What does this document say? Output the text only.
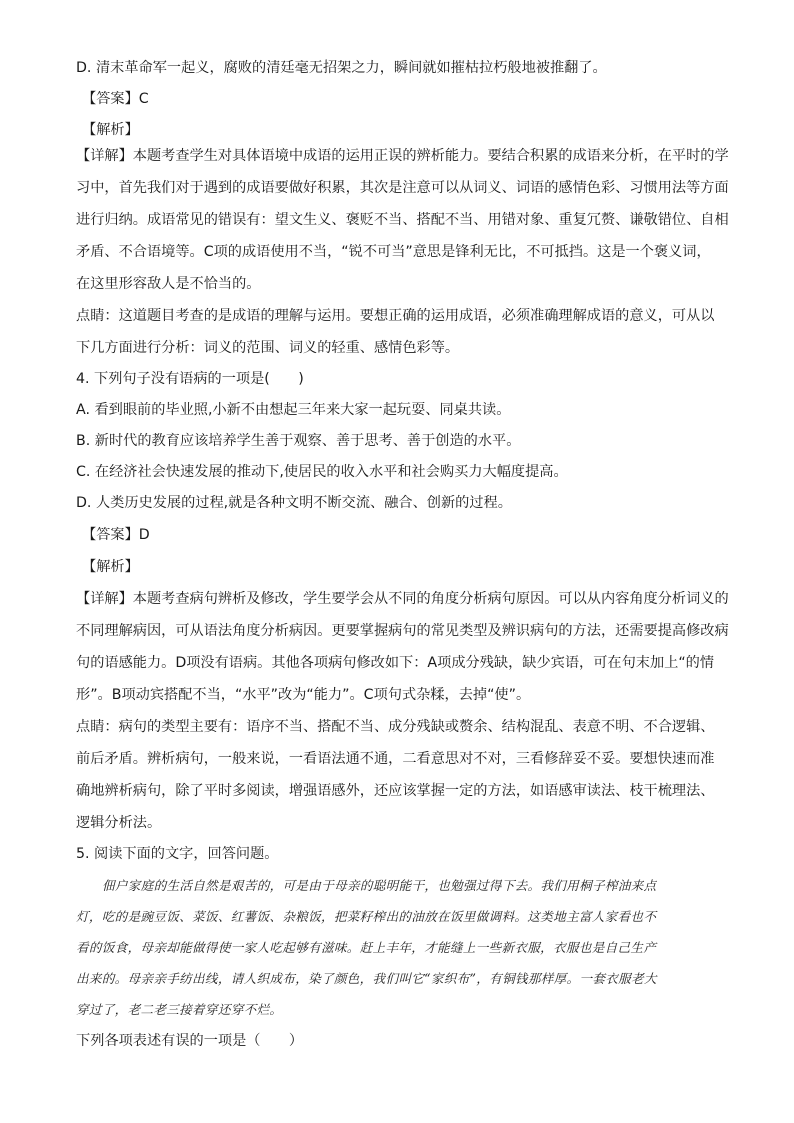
D. 清末革命军一起义，腐败的清廷毫无招架之力，瞬间就如摧枯拉朽般地被推翻了。

【答案】C

【解析】

【详解】本题考查学生对具体语境中成语的运用正误的辨析能力。要结合积累的成语来分析，在平时的学

习中，首先我们对于遇到的成语要做好积累，其次是注意可以从词义、词语的感情色彩、习惯用法等方面

进行归纳。成语常见的错误有：望文生义、褒贬不当、搭配不当、用错对象、重复冗赘、谦敬错位、自相

矛盾、不合语境等。C项的成语使用不当，“锐不可当”意思是锋利无比，不可抵挡。这是一个褒义词，

在这里形容敌人是不恰当的。

点睛：这道题目考查的是成语的理解与运用。要想正确的运用成语，必须准确理解成语的意义，可从以

下几方面进行分析：词义的范围、词义的轻重、感情色彩等。

4. 下列句子没有语病的一项是(　　)

A. 看到眼前的毕业照,小新不由想起三年来大家一起玩耍、同桌共读。

B. 新时代的教育应该培养学生善于观察、善于思考、善于创造的水平。

C. 在经济社会快速发展的推动下,使居民的收入水平和社会购买力大幅度提高。

D. 人类历史发展的过程,就是各种文明不断交流、融合、创新的过程。

【答案】D

【解析】

【详解】本题考查病句辨析及修改，学生要学会从不同的角度分析病句原因。可以从内容角度分析词义的

不同理解病因，可从语法角度分析病因。更要掌握病句的常见类型及辨识病句的方法，还需要提高修改病

句的语感能力。D项没有语病。其他各项病句修改如下：A项成分残缺，缺少宾语，可在句末加上“的情

形”。B项动宾搭配不当，“水平”改为“能力”。C项句式杂糅，去掉“使”。

点睛：病句的类型主要有：语序不当、搭配不当、成分残缺或赘余、结构混乱、表意不明、不合逻辑、

前后矛盾。辨析病句，一般来说，一看语法通不通，二看意思对不对，三看修辞妥不妥。要想快速而准

确地辨析病句，除了平时多阅读，增强语感外，还应该掌握一定的方法，如语感审读法、枝干梳理法、

逻辑分析法。

5. 阅读下面的文字，回答问题。

佃户家庭的生活自然是艰苦的，可是由于母亲的聪明能干，也勉强过得下去。我们用桐子榨油来点

灯，吃的是豌豆饭、菜饭、红薯饭、杂粮饭，把菜籽榨出的油放在饭里做调料。这类地主富人家看也不

看的饭食，母亲却能做得使一家人吃起够有滋味。赶上丰年，才能缝上一些新衣服，衣服也是自己生产

出来的。母亲亲手纺出线，请人织成布，染了颜色，我们叫它“家织布”，有铜钱那样厚。一套衣服老大

穿过了，老二老三接着穿还穿不烂。

下列各项表述有误的一项是（　　）
